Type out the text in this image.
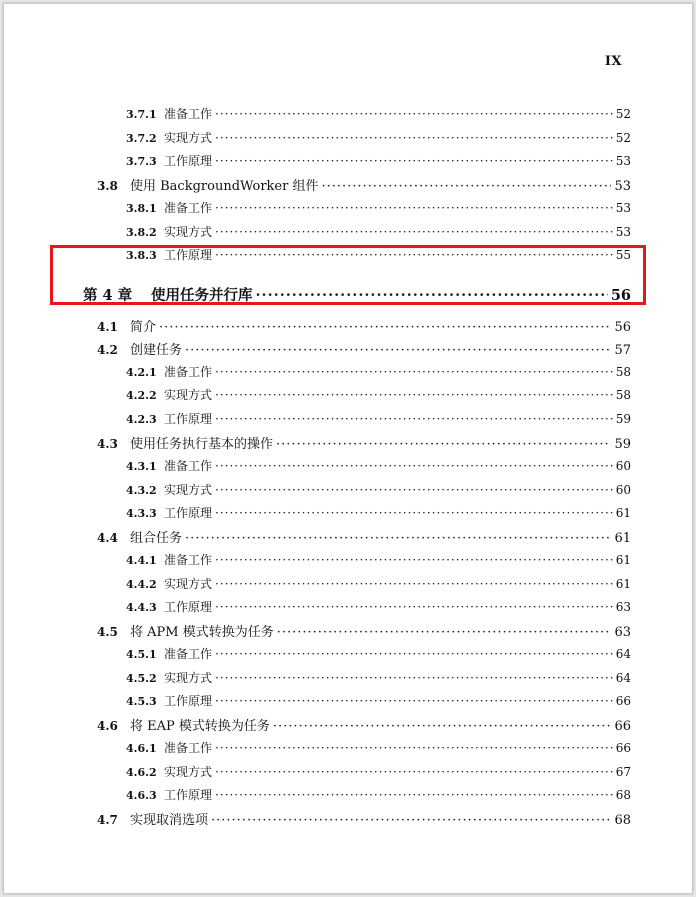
IX
3.7.1 准备工作 ·····	52
3.7.2 实现方式 ·····	52
3.7.3 工作原理 ·····	53
3.8 使用 BackgroundWorker 组件 ·····	53
3.8.1 准备工作 ·····	53
3.8.2 实现方式 ·····	53
3.8.3 工作原理 ·····	55
第 4 章	使用任务并行库 ·····	56
4.1 简介 ·····	56
4.2 创建任务 ·····	57
4.2.1 准备工作 ·····	58
4.2.2 实现方式 ·····	58
4.2.3 工作原理 ·····	59
4.3 使用任务执行基本的操作 ·····	59
4.3.1 准备工作 ·····	60
4.3.2 实现方式 ·····	60
4.3.3 工作原理 ·····	61
4.4 组合任务 ·····	61
4.4.1 准备工作 ·····	61
4.4.2 实现方式 ·····	61
4.4.3 工作原理 ·····	63
4.5 将 APM 模式转换为任务 ·····	63
4.5.1 准备工作 ·····	64
4.5.2 实现方式 ·····	64
4.5.3 工作原理 ·····	66
4.6 将 EAP 模式转换为任务 ·····	66
4.6.1 准备工作 ·····	66
4.6.2 实现方式 ·····	67
4.6.3 工作原理 ·····	68
4.7 实现取消选项 ·····	68
